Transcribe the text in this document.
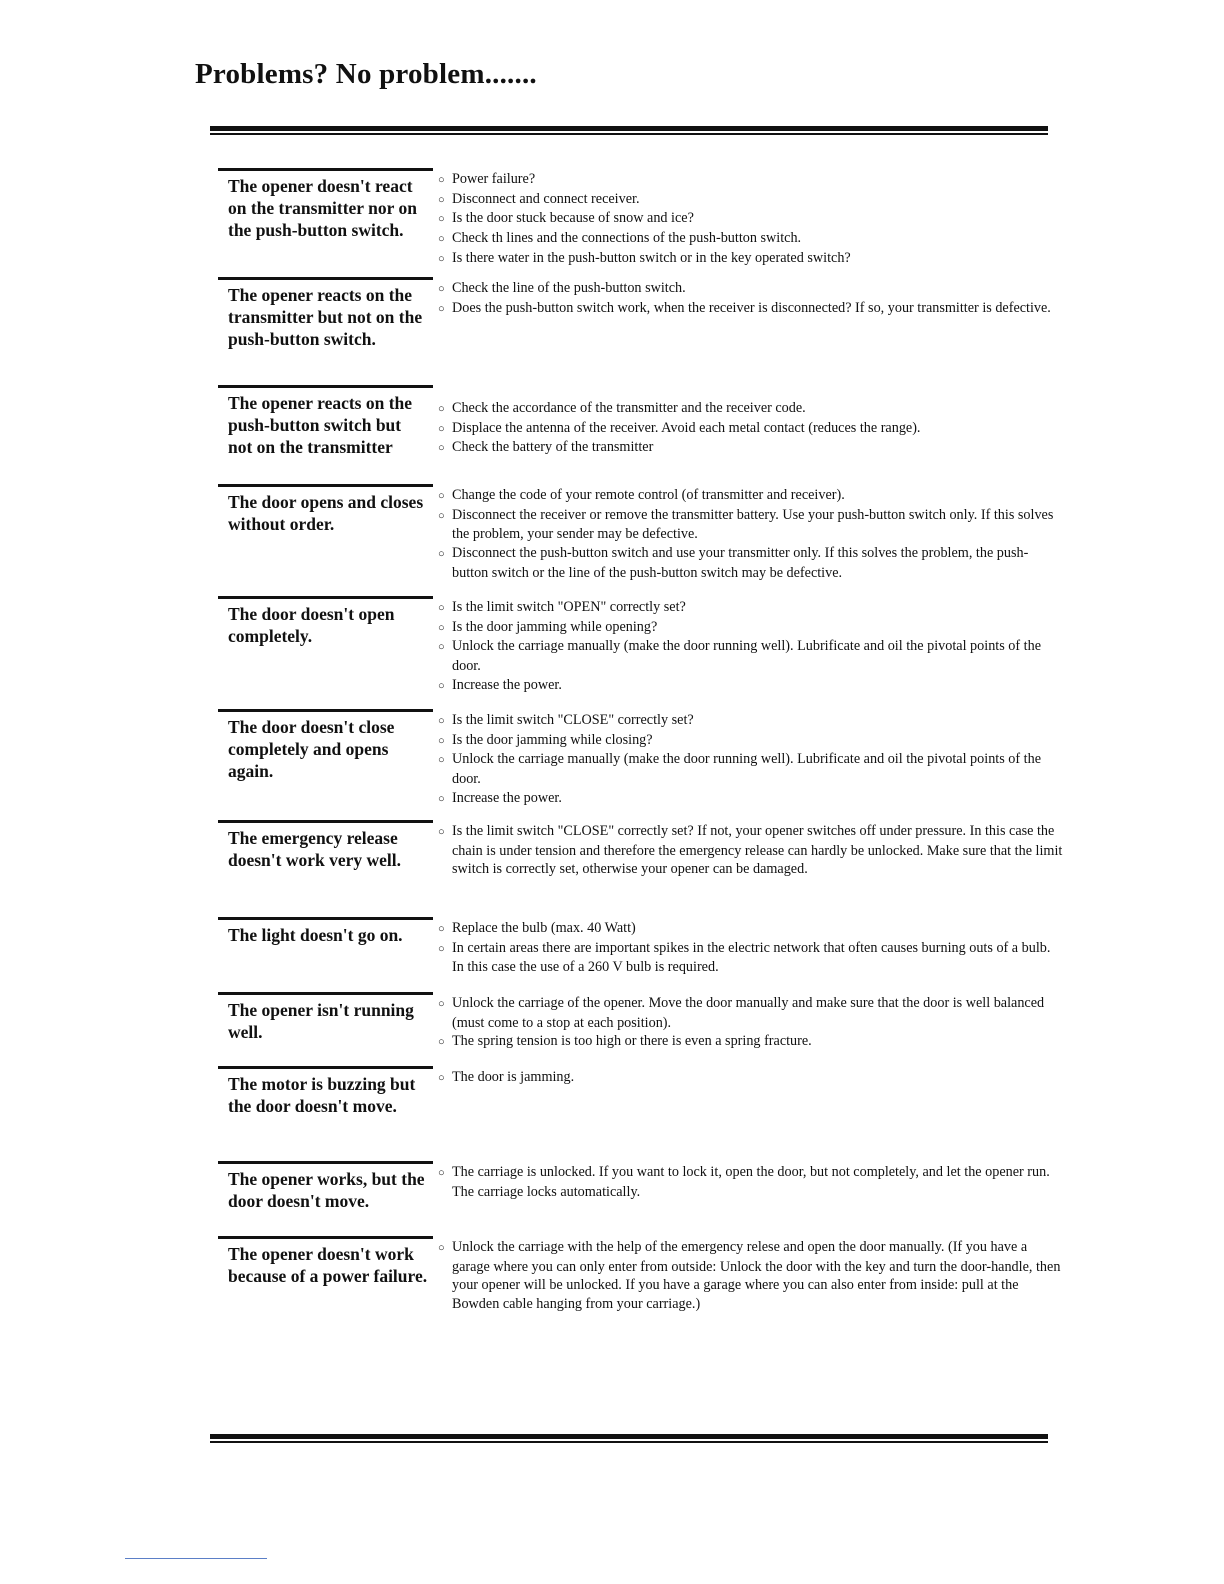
Problems? No problem.......

The opener doesn't react on the transmitter nor on the push-button switch.

○ Power failure?
○ Disconnect and connect receiver.
○ Is the door stuck because of snow and ice?
○ Check th lines and the connections of the push-button switch.
○ Is there water in the push-button switch or in the key operated switch?

The opener reacts on the transmitter but not on the push-button switch.

○ Check the line of the push-button switch.
○ Does the push-button switch work, when the receiver is disconnected? If so, your transmitter is defective.

The opener reacts on the push-button switch but not on the transmitter

○ Check the accordance of the transmitter and the receiver code.
○ Displace the antenna of the receiver. Avoid each metal contact (reduces the range).
○ Check the battery of the transmitter

The door opens and closes without order.

○ Change the code of your remote control (of transmitter and receiver).
○ Disconnect the receiver or remove the transmitter battery. Use your push-button switch only. If this solves the problem, your sender may be defective.
○ Disconnect the push-button switch and use your transmitter only. If this solves the problem, the push-button switch or the line of the push-button switch may be defective.

The door doesn't open completely.

○ Is the limit switch "OPEN" correctly set?
○ Is the door jamming while opening?
○ Unlock the carriage manually (make the door running well). Lubrificate and oil the pivotal points of the door.
○ Increase the power.

The door doesn't close completely and opens again.

○ Is the limit switch "CLOSE" correctly set?
○ Is the door jamming while closing?
○ Unlock the carriage manually (make the door running well). Lubrificate and oil the pivotal points of the door.
○ Increase the power.

The emergency release doesn't work very well.

○ Is the limit switch "CLOSE" correctly set? If not, your opener switches off under pressure. In this case the chain is under tension and therefore the emergency release can hardly be unlocked. Make sure that the limit switch is correctly set, otherwise your opener can be damaged.

The light doesn't go on.	○ Replace the bulb (max. 40 Watt)
○ In certain areas there are important spikes in the electric network that often causes burning outs of a bulb. In this case the use of a 260 V bulb is required.

The opener isn't running well.

○ Unlock the carriage of the opener. Move the door manually and make sure that the door is well balanced (must come to a stop at each position).
○ The spring tension is too high or there is even a spring fracture.

The motor is buzzing but the door doesn't move.

○ The door is jamming.

The opener works, but the door doesn't move.

○ The carriage is unlocked. If you want to lock it, open the door, but not completely, and let the opener run. The carriage locks automatically.

The opener doesn't work because of a power failure.

○ Unlock the carriage with the help of the emergency relese and open the door manually. (If you have a garage where you can only enter from outside: Unlock the door with the key and turn the door-handle, then your opener will be unlocked. If you have a garage where you can also enter from inside: pull at the Bowden cable hanging from your carriage.)
